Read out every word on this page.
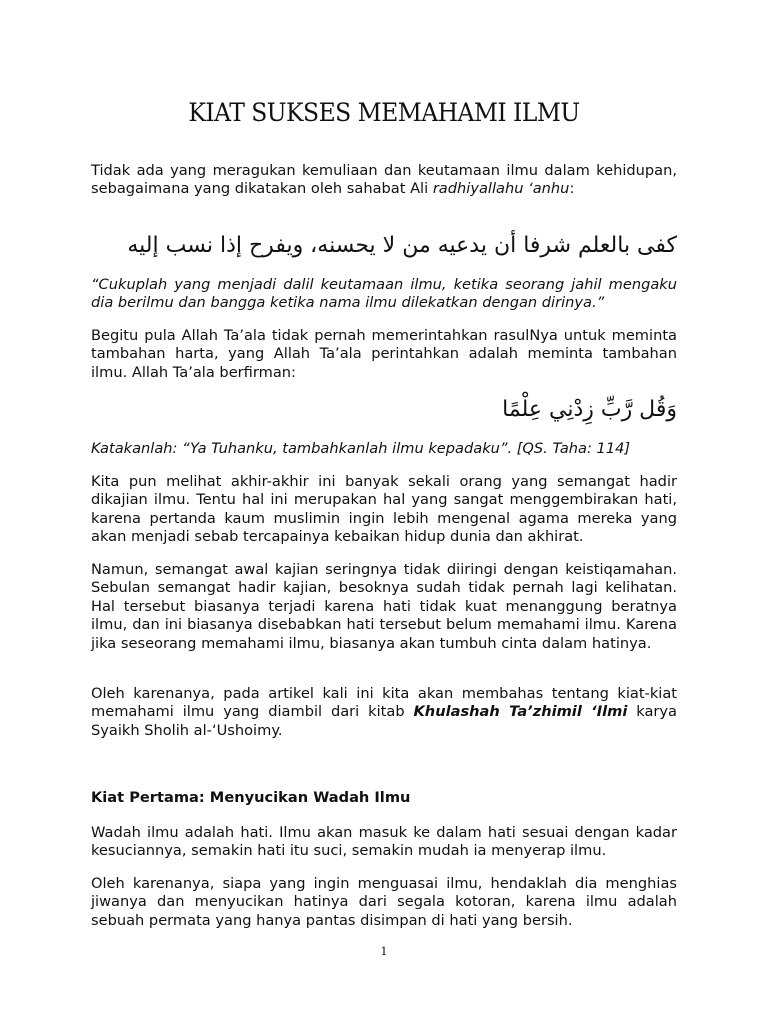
KIAT SUKSES MEMAHAMI ILMU

Tidak ada yang meragukan kemuliaan dan keutamaan ilmu dalam kehidupan, sebagaimana yang dikatakan oleh sahabat Ali radhiyallahu ‘anhu:

كفى بالعلم شرفا أن يدعيه من لا يحسنه، ويفرح إذا نسب إليه

“Cukuplah yang menjadi dalil keutamaan ilmu, ketika seorang jahil mengaku dia berilmu dan bangga ketika nama ilmu dilekatkan dengan dirinya.”

Begitu pula Allah Ta’ala tidak pernah memerintahkan rasulNya untuk meminta tambahan harta, yang Allah Ta’ala perintahkan adalah meminta tambahan ilmu. Allah Ta’ala berfirman:

وَقُل رَّبِّ زِدْنِي عِلْمًا

Katakanlah: “Ya Tuhanku, tambahkanlah ilmu kepadaku”. [QS. Taha: 114]

Kita pun melihat akhir-akhir ini banyak sekali orang yang semangat hadir dikajian ilmu. Tentu hal ini merupakan hal yang sangat menggembirakan hati, karena pertanda kaum muslimin ingin lebih mengenal agama mereka yang akan menjadi sebab tercapainya kebaikan hidup dunia dan akhirat.

Namun, semangat awal kajian seringnya tidak diiringi dengan keistiqamahan. Sebulan semangat hadir kajian, besoknya sudah tidak pernah lagi kelihatan. Hal tersebut biasanya terjadi karena hati tidak kuat menanggung beratnya ilmu, dan ini biasanya disebabkan hati tersebut belum memahami ilmu. Karena jika seseorang memahami ilmu, biasanya akan tumbuh cinta dalam hatinya.

Oleh karenanya, pada artikel kali ini kita akan membahas tentang kiat-kiat memahami ilmu yang diambil dari kitab Khulashah Ta’zhimil ‘Ilmi karya Syaikh Sholih al-‘Ushoimy.

Kiat Pertama: Menyucikan Wadah Ilmu

Wadah ilmu adalah hati. Ilmu akan masuk ke dalam hati sesuai dengan kadar kesuciannya, semakin hati itu suci, semakin mudah ia menyerap ilmu.

Oleh karenanya, siapa yang ingin menguasai ilmu, hendaklah dia menghias jiwanya dan menyucikan hatinya dari segala kotoran, karena ilmu adalah sebuah permata yang hanya pantas disimpan di hati yang bersih.

1
